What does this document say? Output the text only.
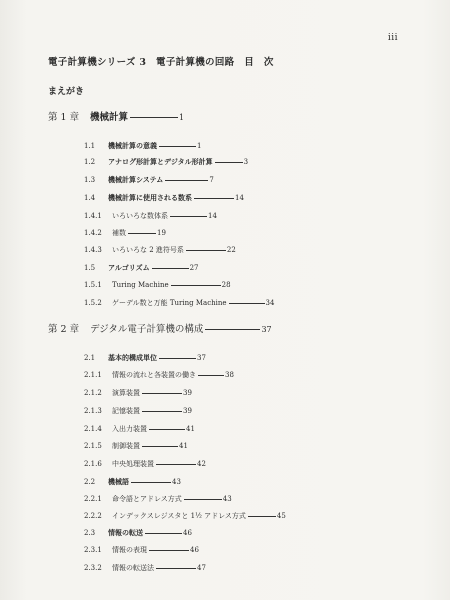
iii
電子計算機シリーズ 3　電子計算機の回路　目　次
まえがき
第 1 章	機械計算	1
1.1	機械計算の意義	1
1.2	アナログ形計算とデジタル形計算	3
1.3	機械計算システム	7
1.4	機械計算に使用される数系	14
1.4.1	いろいろな数体系	14
1.4.2	補数	19
1.4.3	いろいろな 2 進符号系	22
1.5	アルゴリズム	27
1.5.1	Turing Machine	28
1.5.2	ゲーデル数と万能 Turing Machine	34
第 2 章	デジタル電子計算機の構成	37
2.1	基本的構成単位	37
2.1.1	情報の流れと各装置の働き	38
2.1.2	演算装置	39
2.1.3	記憶装置	39
2.1.4	入出力装置	41
2.1.5	制御装置	41
2.1.6	中央処理装置	42
2.2	機械語	43
2.2.1	命令語とアドレス方式	43
2.2.2	インデックスレジスタと 1½ アドレス方式	45
2.3	情報の転送	46
2.3.1	情報の表現	46
2.3.2	情報の転送法	47
